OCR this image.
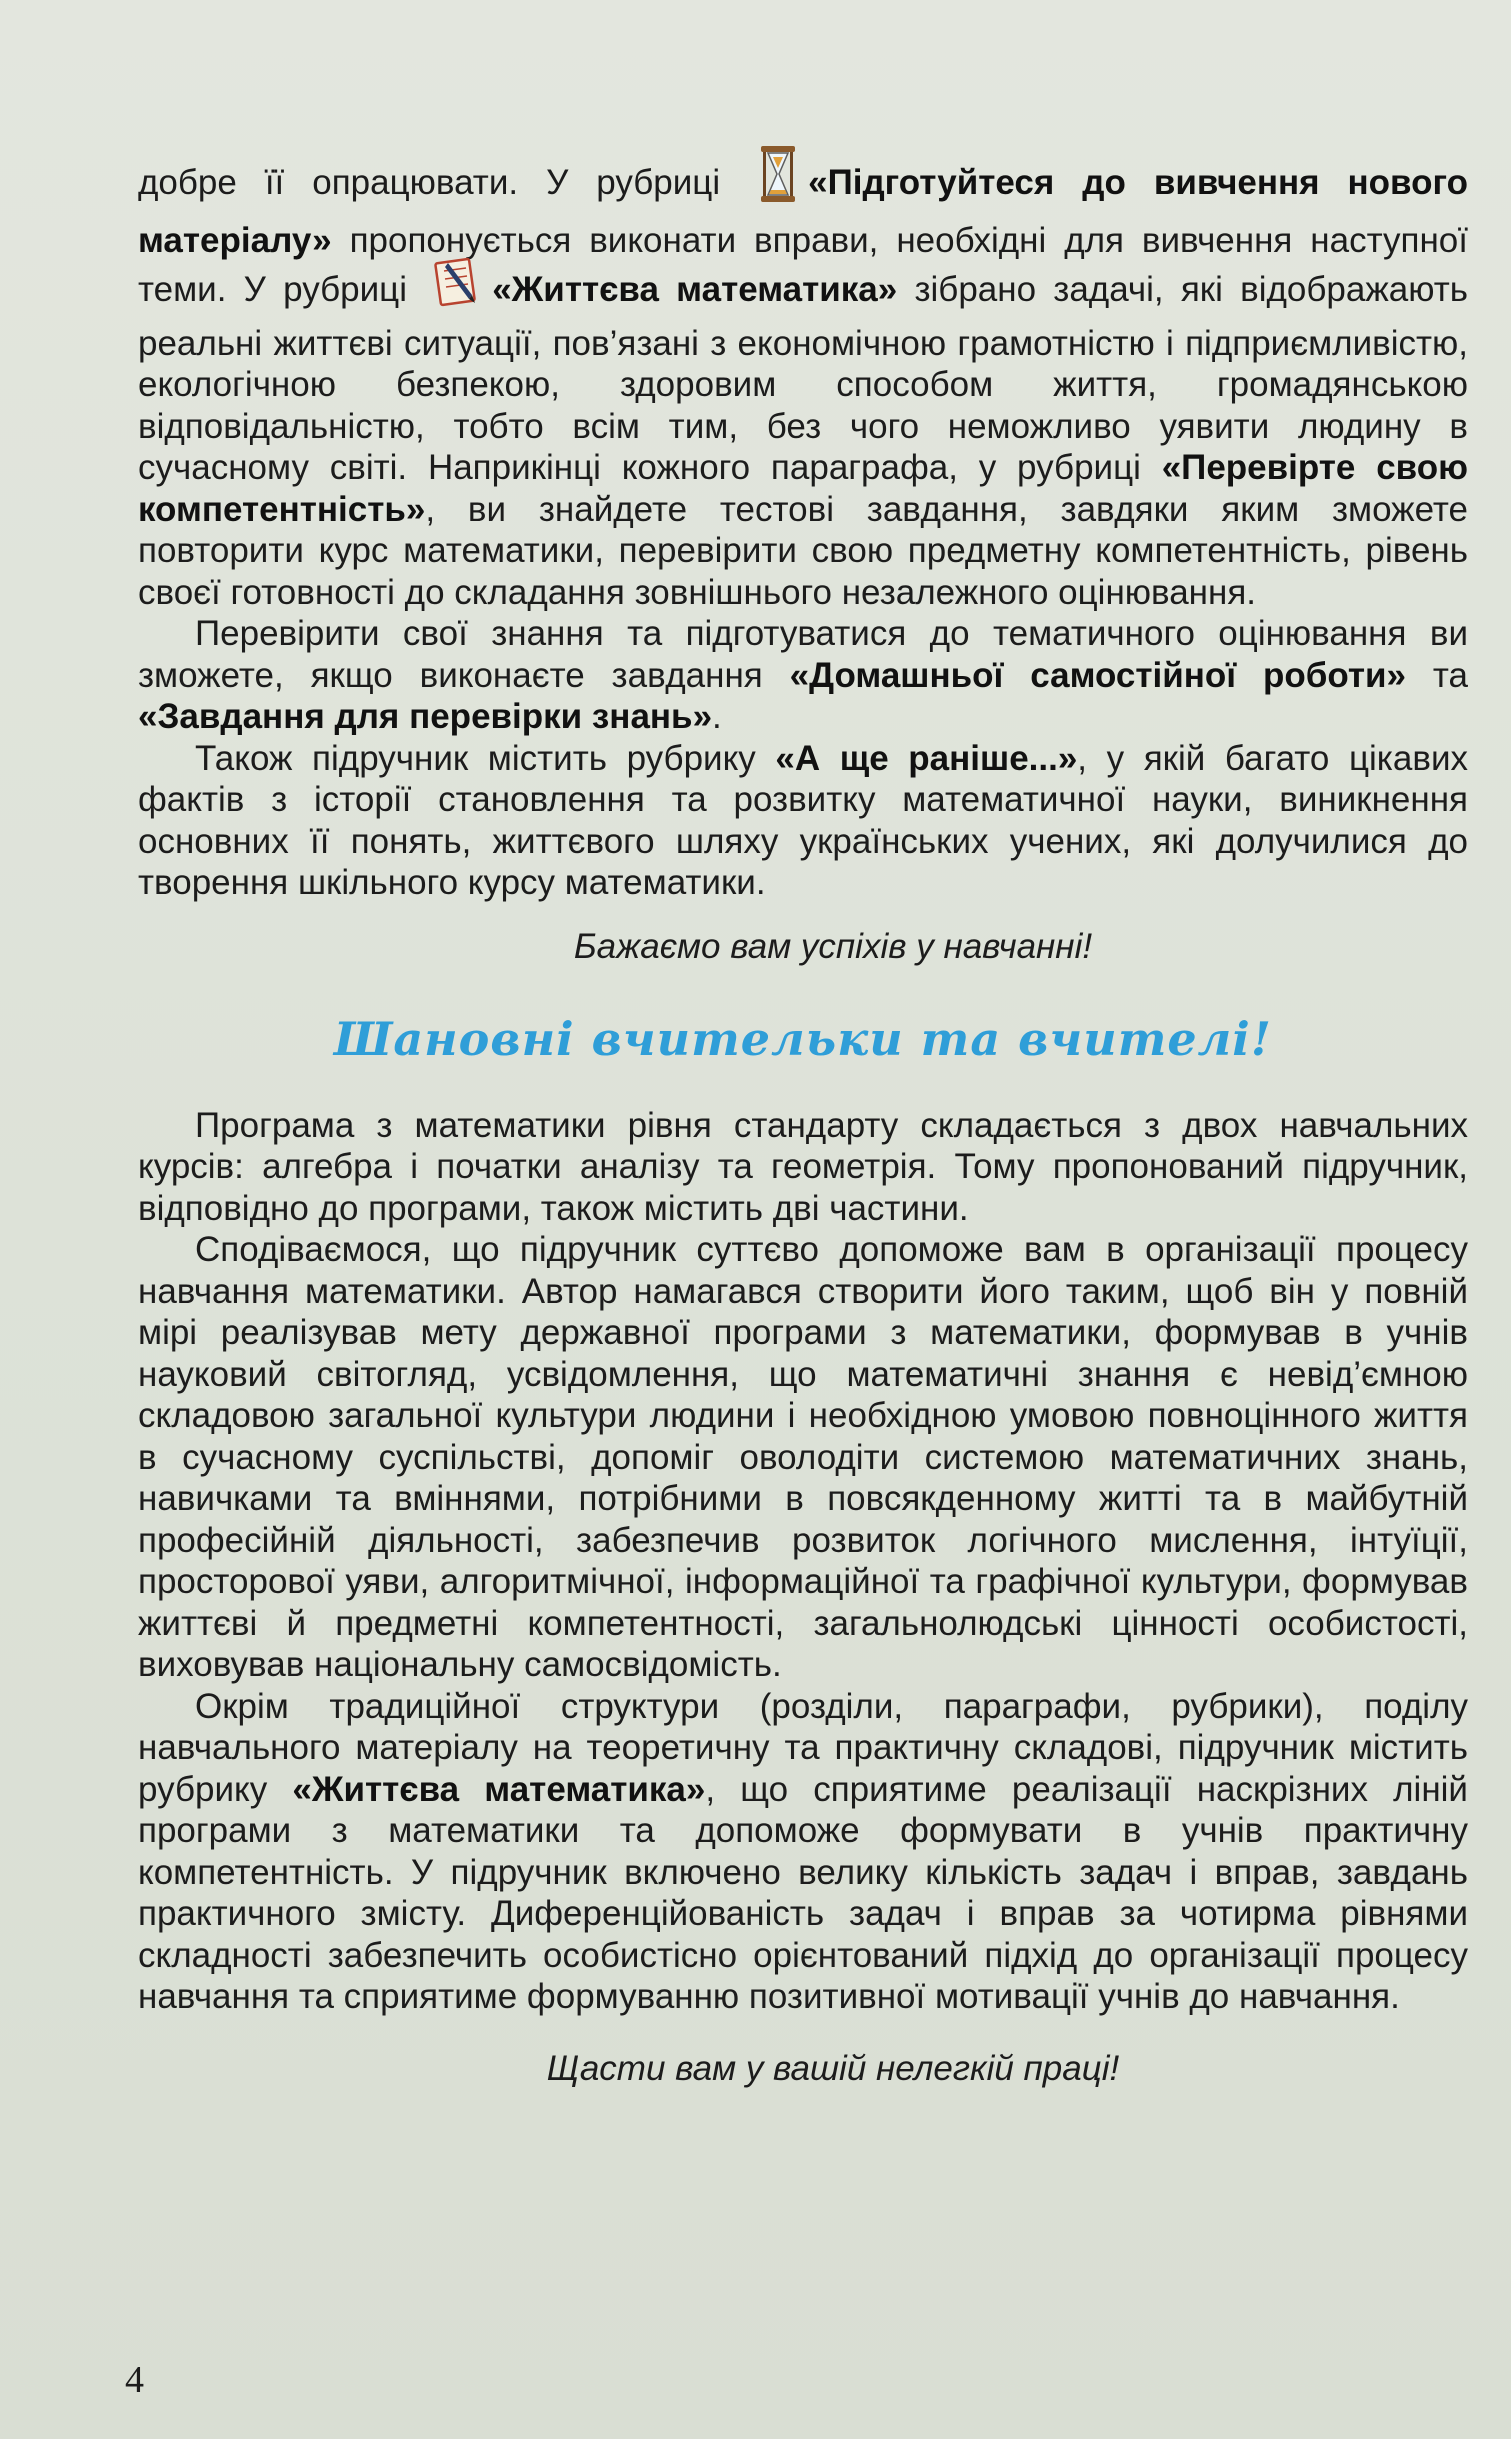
добре її опрацювати. У рубриці «Підготуйтеся до вивчення нового матеріалу» пропонується виконати вправи, необхідні для вивчення наступної теми. У рубриці «Життєва математика» зібрано задачі, які відображають реальні життєві ситуації, пов’язані з економічною грамотністю і підприємливістю, екологічною безпекою, здоровим способом життя, громадянською відповідальністю, тобто всім тим, без чого неможливо уявити людину в сучасному світі. Наприкінці кожного параграфа, у рубриці «Перевірте свою компетентність», ви знайдете тестові завдання, завдяки яким зможете повторити курс математики, перевірити свою предметну компетентність, рівень своєї готовності до складання зовнішнього незалежного оцінювання.

Перевірити свої знання та підготуватися до тематичного оцінювання ви зможете, якщо виконаєте завдання «Домашньої самостійної роботи» та «Завдання для перевірки знань».

Також підручник містить рубрику «А ще раніше...», у якій багато цікавих фактів з історії становлення та розвитку математичної науки, виникнення основних її понять, життєвого шляху українських учених, які долучилися до творення шкільного курсу математики.

Бажаємо вам успіхів у навчанні!

Шановні вчительки та вчителі!

Програма з математики рівня стандарту складається з двох навчальних курсів: алгебра і початки аналізу та геометрія. Тому пропонований підручник, відповідно до програми, також містить дві частини.

Сподіваємося, що підручник суттєво допоможе вам в організації процесу навчання математики. Автор намагався створити його таким, щоб він у повній мірі реалізував мету державної програми з математики, формував в учнів науковий світогляд, усвідомлення, що математичні знання є невід’ємною складовою загальної культури людини і необхідною умовою повноцінного життя в сучасному суспільстві, допоміг оволодіти системою математичних знань, навичками та вміннями, потрібними в повсякденному житті та в майбутній професійній діяльності, забезпечив розвиток логічного мислення, інтуїції, просторової уяви, алгоритмічної, інформаційної та графічної культури, формував життєві й предметні компетентності, загальнолюдські цінності особистості, виховував національну самосвідомість.

Окрім традиційної структури (розділи, параграфи, рубрики), поділу навчального матеріалу на теоретичну та практичну складові, підручник містить рубрику «Життєва математика», що сприятиме реалізації наскрізних ліній програми з математики та допоможе формувати в учнів практичну компетентність. У підручник включено велику кількість задач і вправ, завдань практичного змісту. Диференційованість задач і вправ за чотирма рівнями складності забезпечить особистісно орієнтований підхід до організації процесу навчання та сприятиме формуванню позитивної мотивації учнів до навчання.

Щасти вам у вашій нелегкій праці!

4
